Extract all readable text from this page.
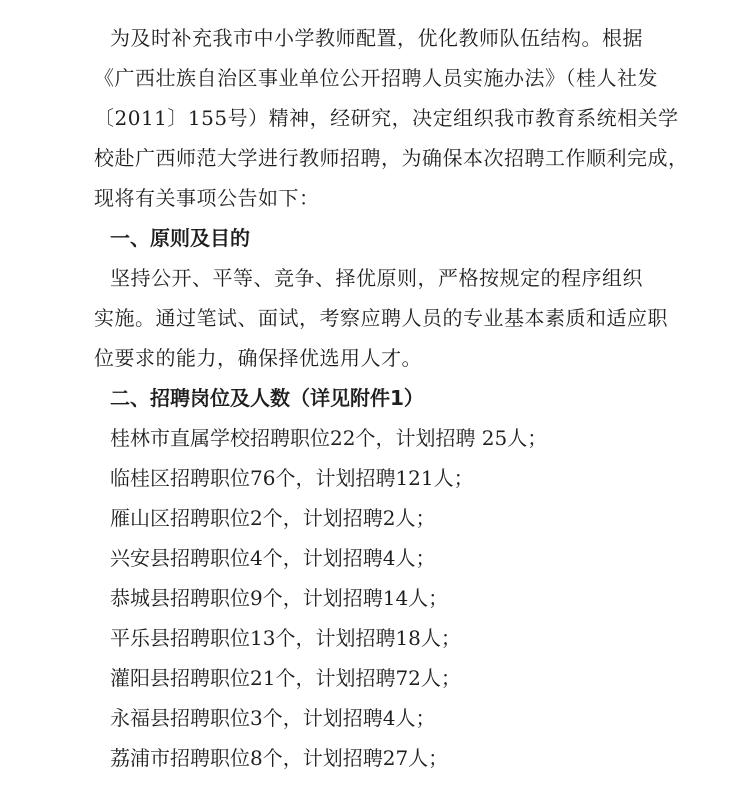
为及时补充我市中小学教师配置，优化教师队伍结构。根据

《广西壮族自治区事业单位公开招聘人员实施办法》（桂人社发

〔2011〕155号）精神，经研究，决定组织我市教育系统相关学

校赴广西师范大学进行教师招聘，为确保本次招聘工作顺利完成，

现将有关事项公告如下：

一、原则及目的

坚持公开、平等、竞争、择优原则，严格按规定的程序组织

实施。通过笔试、面试，考察应聘人员的专业基本素质和适应职

位要求的能力，确保择优选用人才。

二、招聘岗位及人数（详见附件1）

桂林市直属学校招聘职位22个，计划招聘 25人；

临桂区招聘职位76个，计划招聘121人；

雁山区招聘职位2个，计划招聘2人；

兴安县招聘职位4个，计划招聘4人；

恭城县招聘职位9个，计划招聘14人；

平乐县招聘职位13个，计划招聘18人；

灌阳县招聘职位21个，计划招聘72人；

永福县招聘职位3个，计划招聘4人；

荔浦市招聘职位8个，计划招聘27人；
